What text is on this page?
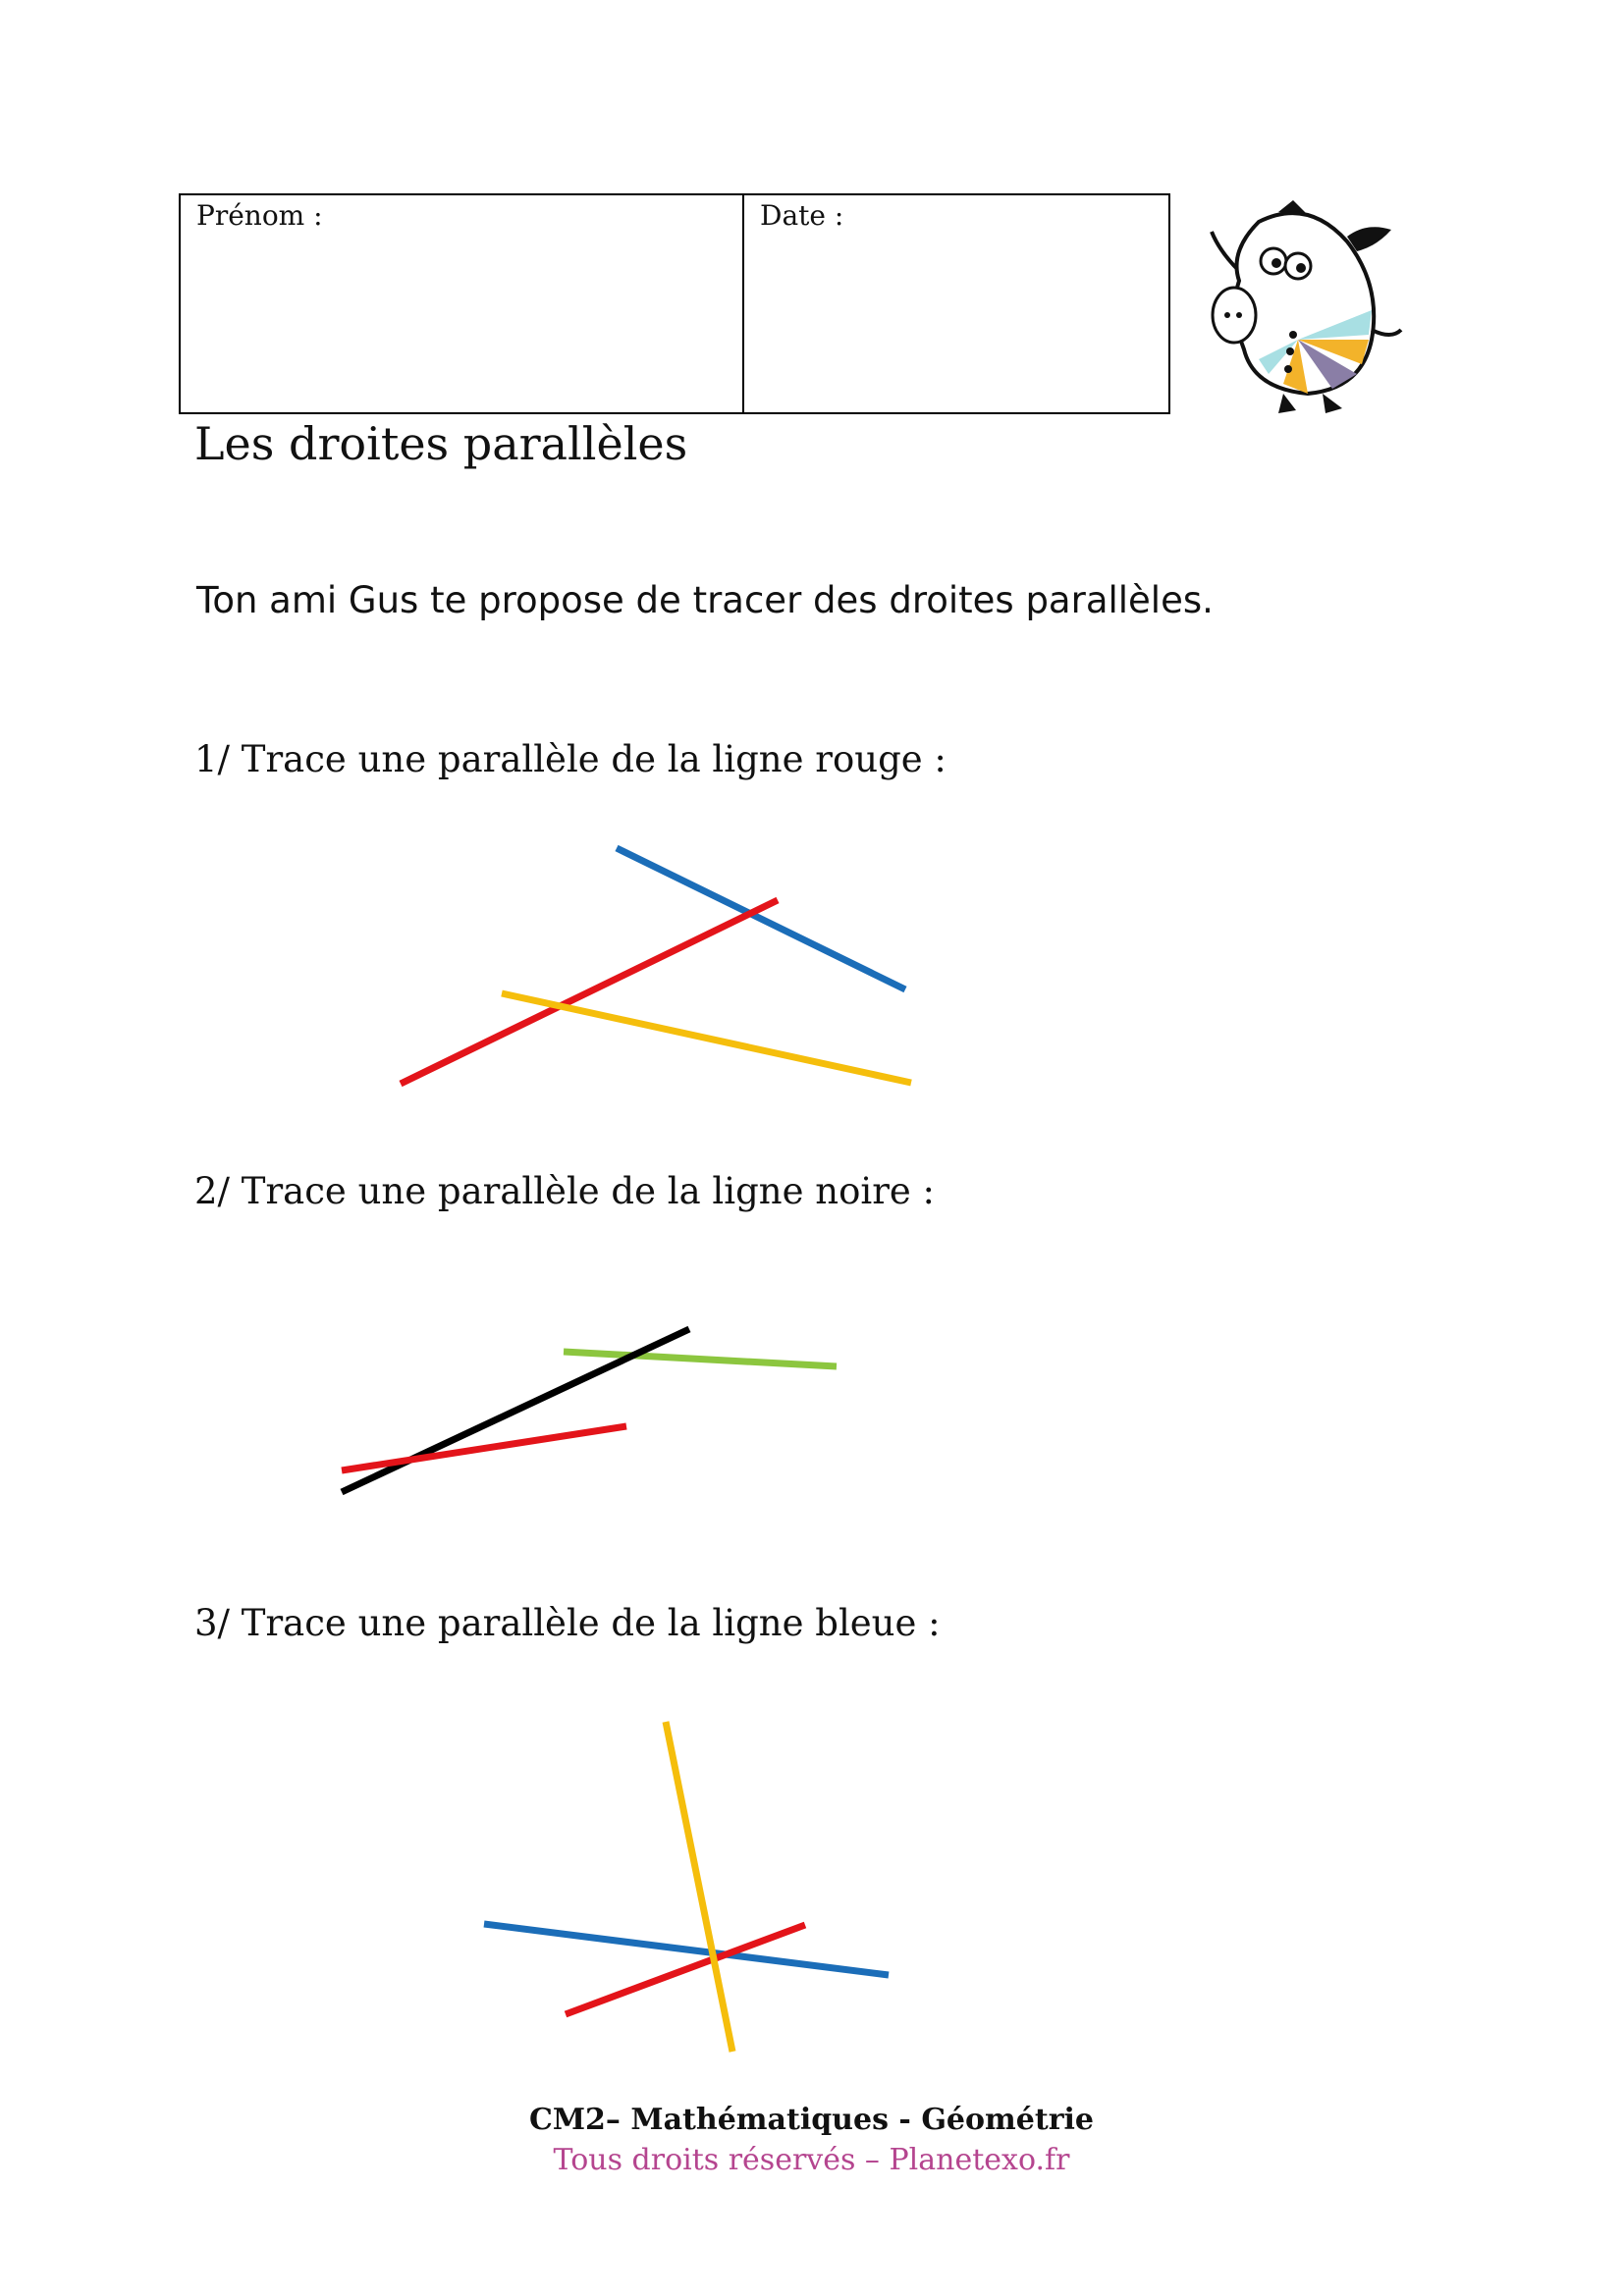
Prénom :	Date :
Les droites parallèles
Ton ami Gus te propose de tracer des droites parallèles.
1/ Trace une parallèle de la ligne rouge :
2/ Trace une parallèle de la ligne noire :
3/ Trace une parallèle de la ligne bleue :
CM2– Mathématiques - Géométrie
Tous droits réservés – Planetexo.fr
